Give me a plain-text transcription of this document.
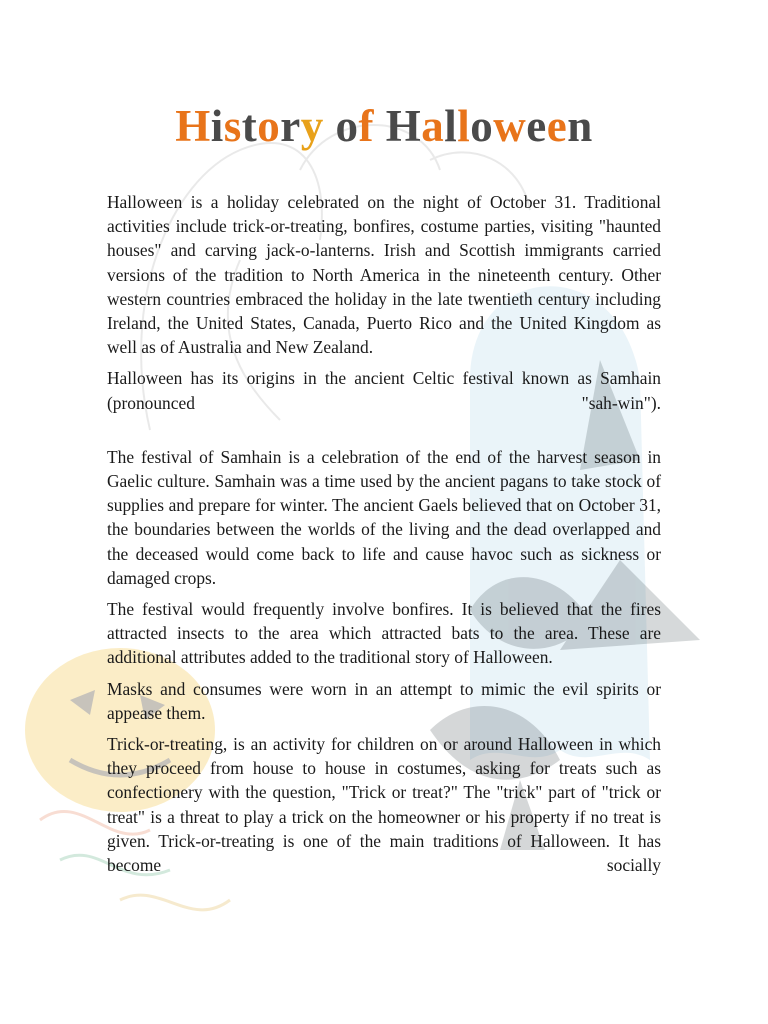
History of Halloween

Halloween is a holiday celebrated on the night of October 31. Traditional activities include trick-or-treating, bonfires, costume parties, visiting "haunted houses" and carving jack-o-lanterns. Irish and Scottish immigrants carried versions of the tradition to North America in the nineteenth century. Other western countries embraced the holiday in the late twentieth century including Ireland, the United States, Canada, Puerto Rico and the United Kingdom as well as of Australia and New Zealand.

Halloween has its origins in the ancient Celtic festival known as Samhain (pronounced "sah-win").

The festival of Samhain is a celebration of the end of the harvest season in Gaelic culture. Samhain was a time used by the ancient pagans to take stock of supplies and prepare for winter. The ancient Gaels believed that on October 31, the boundaries between the worlds of the living and the dead overlapped and the deceased would come back to life and cause havoc such as sickness or damaged crops.

The festival would frequently involve bonfires. It is believed that the fires attracted insects to the area which attracted bats to the area. These are additional attributes added to the traditional story of Halloween.

Masks and consumes were worn in an attempt to mimic the evil spirits or appease them.

Trick-or-treating, is an activity for children on or around Halloween in which they proceed from house to house in costumes, asking for treats such as confectionery with the question, "Trick or treat?" The "trick" part of "trick or treat" is a threat to play a trick on the homeowner or his property if no treat is given. Trick-or-treating is one of the main traditions of Halloween. It has become socially
